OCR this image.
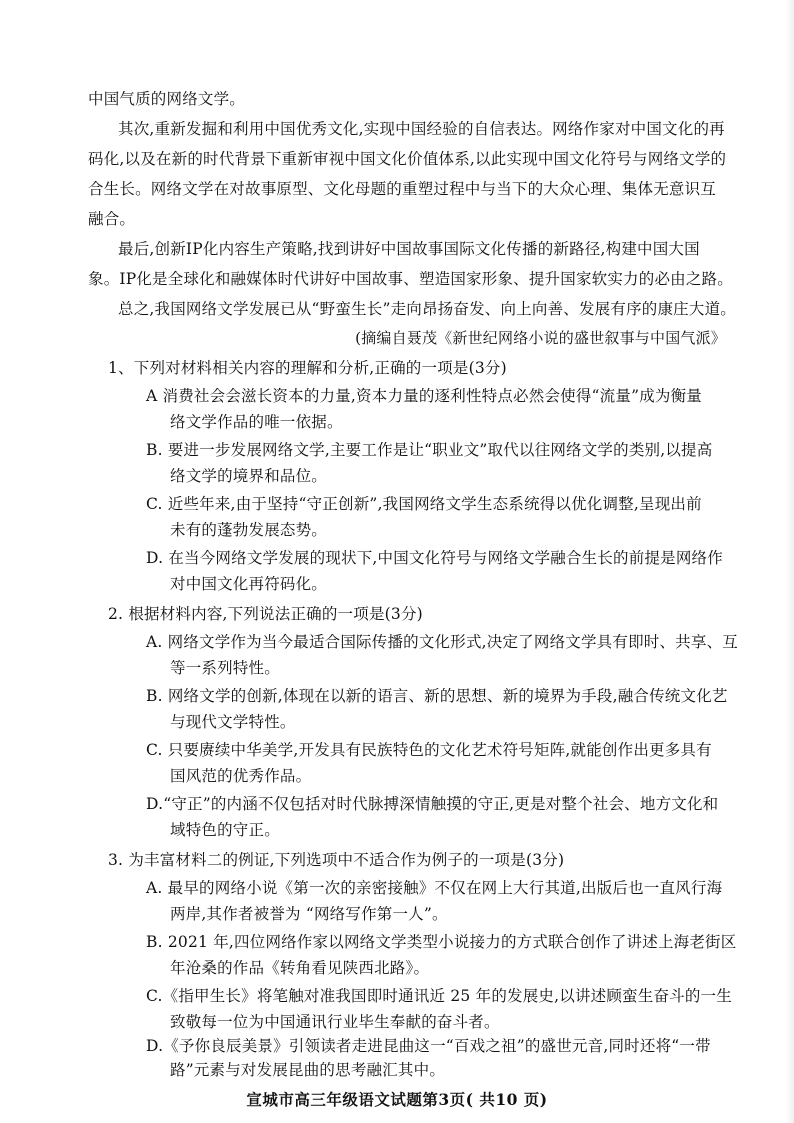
中国气质的网络文学。
其次,重新发掘和利用中国优秀文化,实现中国经验的自信表达。网络作家对中国文化的再
码化,以及在新的时代背景下重新审视中国文化价值体系,以此实现中国文化符号与网络文学的
合生长。网络文学在对故事原型、文化母题的重塑过程中与当下的大众心理、集体无意识互
融合。
最后,创新IP化内容生产策略,找到讲好中国故事国际文化传播的新路径,构建中国大国
象。IP化是全球化和融媒体时代讲好中国故事、塑造国家形象、提升国家软实力的必由之路。
总之,我国网络文学发展已从“野蛮生长”走向昂扬奋发、向上向善、发展有序的康庄大道。
(摘编自聂茂《新世纪网络小说的盛世叙事与中国气派》
1、下列对材料相关内容的理解和分析,正确的一项是(3分)
A 消费社会会滋长资本的力量,资本力量的逐利性特点必然会使得“流量”成为衡量
络文学作品的唯一依据。
B. 要进一步发展网络文学,主要工作是让“职业文”取代以往网络文学的类别,以提高
络文学的境界和品位。
C. 近些年来,由于坚持“守正创新”,我国网络文学生态系统得以优化调整,呈现出前
未有的蓬勃发展态势。
D. 在当今网络文学发展的现状下,中国文化符号与网络文学融合生长的前提是网络作
对中国文化再符码化。
2. 根据材料内容,下列说法正确的一项是(3分)
A. 网络文学作为当今最适合国际传播的文化形式,决定了网络文学具有即时、共享、互
等一系列特性。
B. 网络文学的创新,体现在以新的语言、新的思想、新的境界为手段,融合传统文化艺
与现代文学特性。
C. 只要赓续中华美学,开发具有民族特色的文化艺术符号矩阵,就能创作出更多具有
国风范的优秀作品。
D.“守正”的内涵不仅包括对时代脉搏深情触摸的守正,更是对整个社会、地方文化和
域特色的守正。
3. 为丰富材料二的例证,下列选项中不适合作为例子的一项是(3分)
A. 最早的网络小说《第一次的亲密接触》不仅在网上大行其道,出版后也一直风行海
两岸,其作者被誉为 “网络写作第一人”。
B. 2021 年,四位网络作家以网络文学类型小说接力的方式联合创作了讲述上海老街区
年沧桑的作品《转角看见陕西北路》。
C.《指甲生长》将笔触对准我国即时通讯近 25 年的发展史,以讲述顾蛮生奋斗的一生
致敬每一位为中国通讯行业毕生奉献的奋斗者。
宣城市高三年级语文试题第3页( 共10 页)
D.《予你良辰美景》引领读者走进昆曲这一“百戏之祖”的盛世元音,同时还将“一带
路”元素与对发展昆曲的思考融汇其中。
